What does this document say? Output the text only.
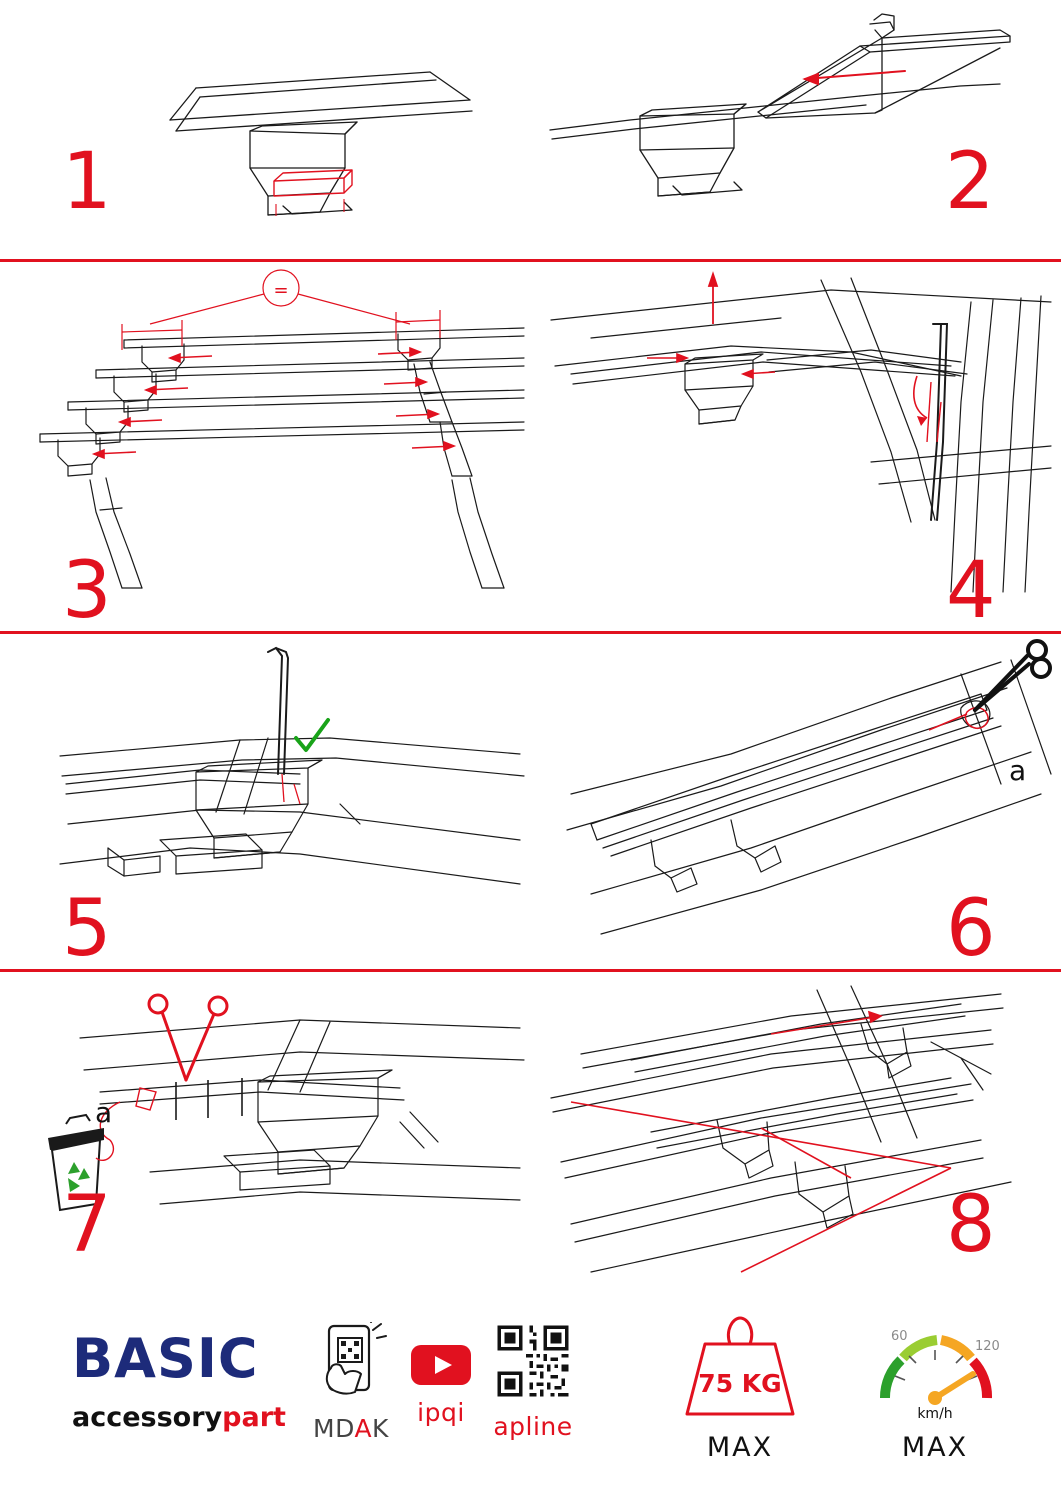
1	2
=
3	4
5
a
6
a
7	8
BASIC
accessorypart	MDAK
ipqi	apline
75 KG
MAX
60
120
km/h
MAX
